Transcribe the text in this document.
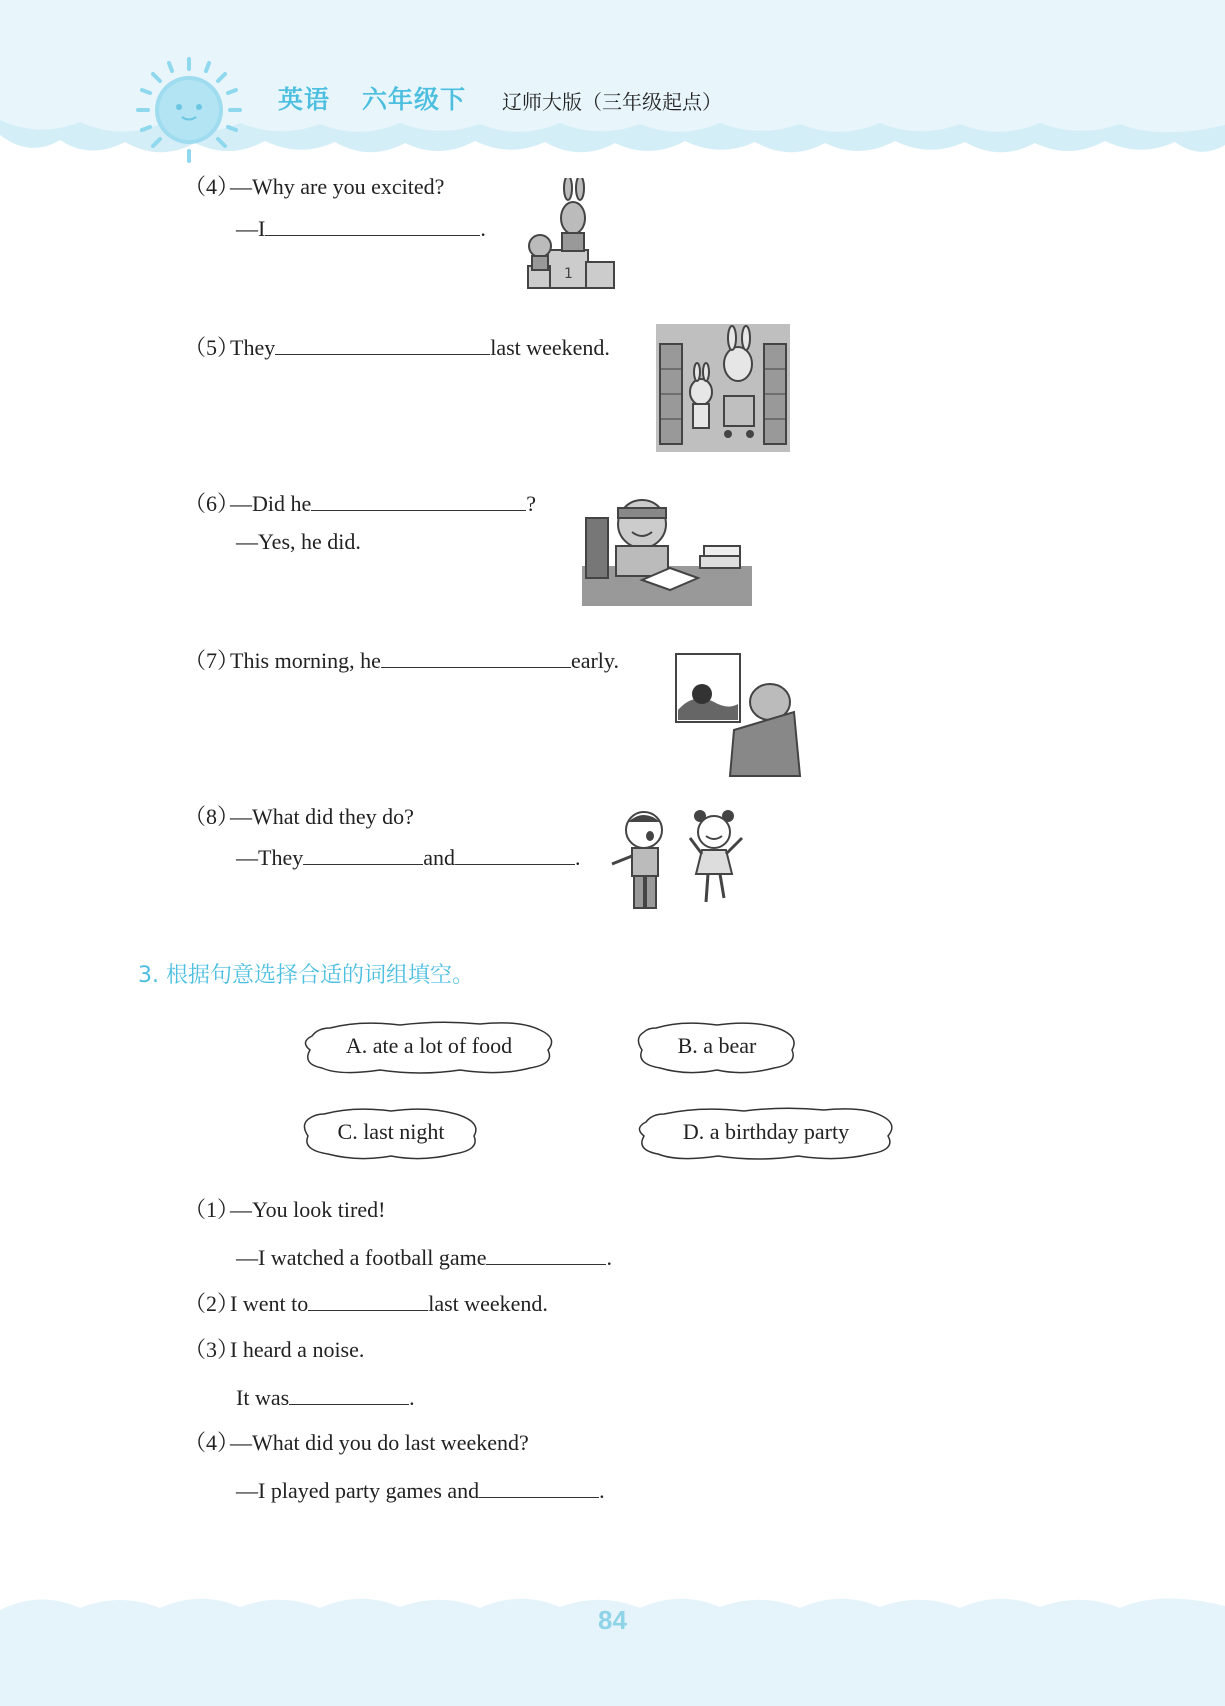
英语 六年级下 辽师大版（三年级起点）
（4）—Why are you excited?
—I	.
1
（5）They	last weekend.
（6）—Did he	?
—Yes, he did.
（7）This morning, he	early.
（8）—What did they do?
—They	and	.
3. 根据句意选择合适的词组填空。
A. ate a lot of food	B. a bear
C. last night	D. a birthday party
（1）—You look tired!
—I watched a football game	.
（2）I went to	last weekend.
（3）I heard a noise.
It was	.
（4）—What did you do last weekend?
—I played party games and	.
84
